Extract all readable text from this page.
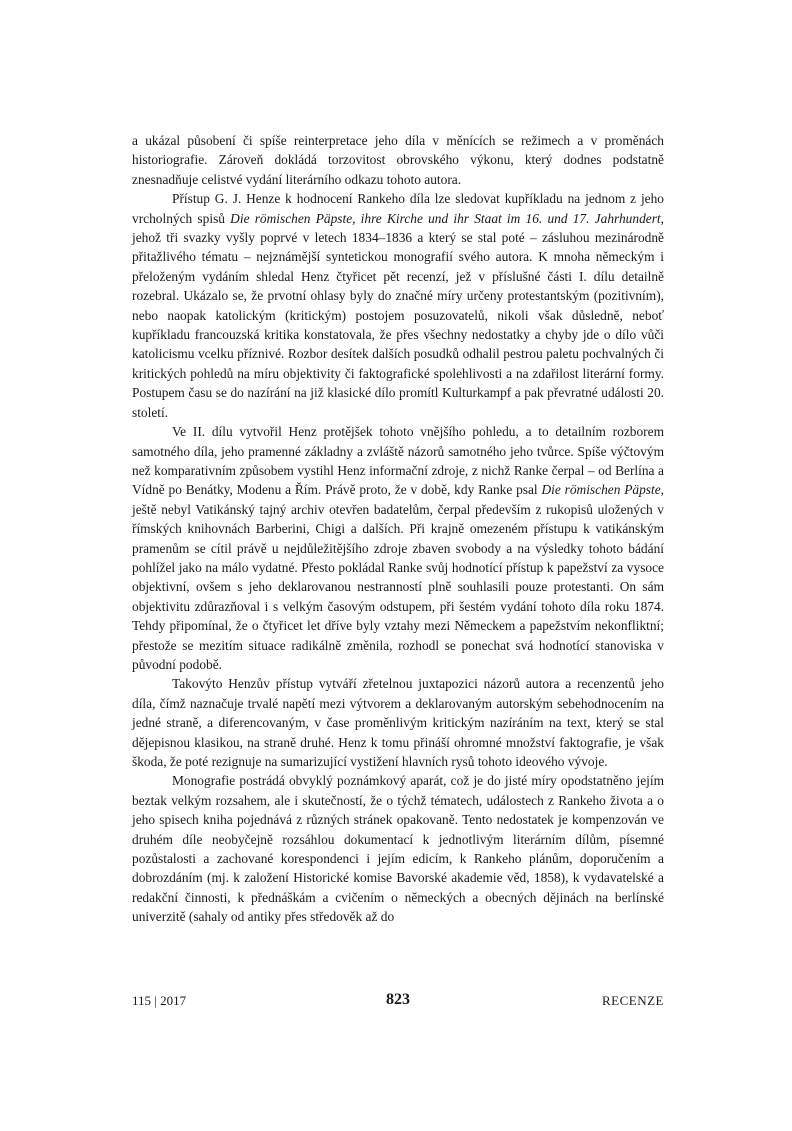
a ukázal působení či spíše reinterpretace jeho díla v měnících se režimech a v proměnách historiografie. Zároveň dokládá torzovitost obrovského výkonu, který dodnes podstatně znesnadňuje celistvé vydání literárního odkazu tohoto autora.

Přístup G. J. Henze k hodnocení Rankeho díla lze sledovat kupříkladu na jednom z jeho vrcholných spisů Die römischen Päpste, ihre Kirche und ihr Staat im 16. und 17. Jahrhundert, jehož tři svazky vyšly poprvé v letech 1834–1836 a který se stal poté – zásluhou mezinárodně přitažlivého tématu – nejznámější syntetickou monografií svého autora. K mnoha německým i přeloženým vydáním shledal Henz čtyřicet pět recenzí, jež v příslušné části I. dílu detailně rozebral. Ukázalo se, že prvotní ohlasy byly do značné míry určeny protestantským (pozitivním), nebo naopak katolickým (kritickým) postojem posuzovatelů, nikoli však důsledně, neboť kupříkladu francouzská kritika konstatovala, že přes všechny nedostatky a chyby jde o dílo vůči katolicismu vcelku příznivé. Rozbor desítek dalších posudků odhalil pestrou paletu pochvalných či kritických pohledů na míru objektivity či faktografické spolehlivosti a na zdařilost literární formy. Postupem času se do nazírání na již klasické dílo promítl Kulturkampf a pak převratné události 20. století.

Ve II. dílu vytvořil Henz protějšek tohoto vnějšího pohledu, a to detailním rozborem samotného díla, jeho pramenné základny a zvláště názorů samotného jeho tvůrce. Spíše výčtovým než komparativním způsobem vystihl Henz informační zdroje, z nichž Ranke čerpal – od Berlína a Vídně po Benátky, Modenu a Řím. Právě proto, že v době, kdy Ranke psal Die römischen Päpste, ještě nebyl Vatikánský tajný archiv otevřen badatelům, čerpal především z rukopisů uložených v římských knihovnách Barberini, Chigi a dalších. Při krajně omezeném přístupu k vatikánským pramenům se cítil právě u nejdůležitějšího zdroje zbaven svobody a na výsledky tohoto bádání pohlížel jako na málo vydatné. Přesto pokládal Ranke svůj hodnotící přístup k papežství za vysoce objektivní, ovšem s jeho deklarovanou nestranností plně souhlasili pouze protestanti. On sám objektivitu zdůrazňoval i s velkým časovým odstupem, při šestém vydání tohoto díla roku 1874. Tehdy připomínal, že o čtyřicet let dříve byly vztahy mezi Německem a papežstvím nekonfliktní; přestože se mezitím situace radikálně změnila, rozhodl se ponechat svá hodnotící stanoviska v původní podobě.

Takovýto Henzův přístup vytváří zřetelnou juxtapozici názorů autora a recenzentů jeho díla, čímž naznačuje trvalé napětí mezi výtvorem a deklarovaným autorským sebehodnocením na jedné straně, a diferencovaným, v čase proměnlivým kritickým nazíráním na text, který se stal dějepisnou klasikou, na straně druhé. Henz k tomu přináší ohromné množství faktografie, je však škoda, že poté rezignuje na sumarizující vystižení hlavních rysů tohoto ideového vývoje.

Monografie postrádá obvyklý poznámkový aparát, což je do jisté míry opodstatněno jejím beztak velkým rozsahem, ale i skutečností, že o týchž tématech, událostech z Rankeho života a o jeho spisech kniha pojednává z různých stránek opakovaně. Tento nedostatek je kompenzován ve druhém díle neobyčejně rozsáhlou dokumentací k jednotlivým literárním dílům, písemné pozůstalosti a zachované korespondenci i jejím edicím, k Rankeho plánům, doporučením a dobrozdáním (mj. k založení Historické komise Bavorské akademie věd, 1858), k vydavatelské a redakční činnosti, k přednáškám a cvičením o německých a obecných dějinách na berlínské univerzitě (sahaly od antiky přes středověk až do

115 | 2017	823	RECENZE
